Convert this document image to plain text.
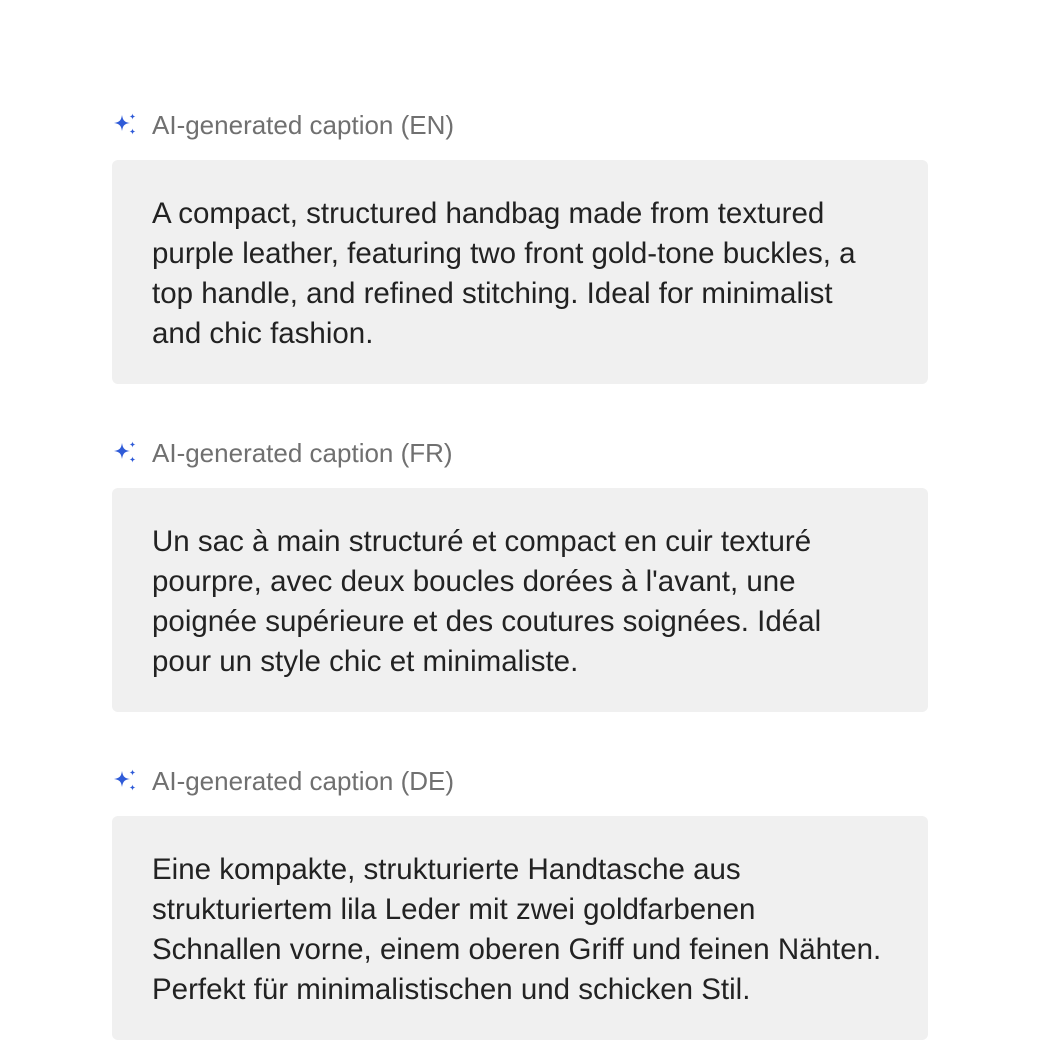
AI-generated caption (EN)

A compact, structured handbag made from textured purple leather, featuring two front gold-tone buckles, a top handle, and refined stitching. Ideal for minimalist and chic fashion.

AI-generated caption (FR)

Un sac à main structuré et compact en cuir texturé pourpre, avec deux boucles dorées à l'avant, une poignée supérieure et des coutures soignées. Idéal pour un style chic et minimaliste.

AI-generated caption (DE)

Eine kompakte, strukturierte Handtasche aus strukturiertem lila Leder mit zwei goldfarbenen Schnallen vorne, einem oberen Griff und feinen Nähten. Perfekt für minimalistischen und schicken Stil.
